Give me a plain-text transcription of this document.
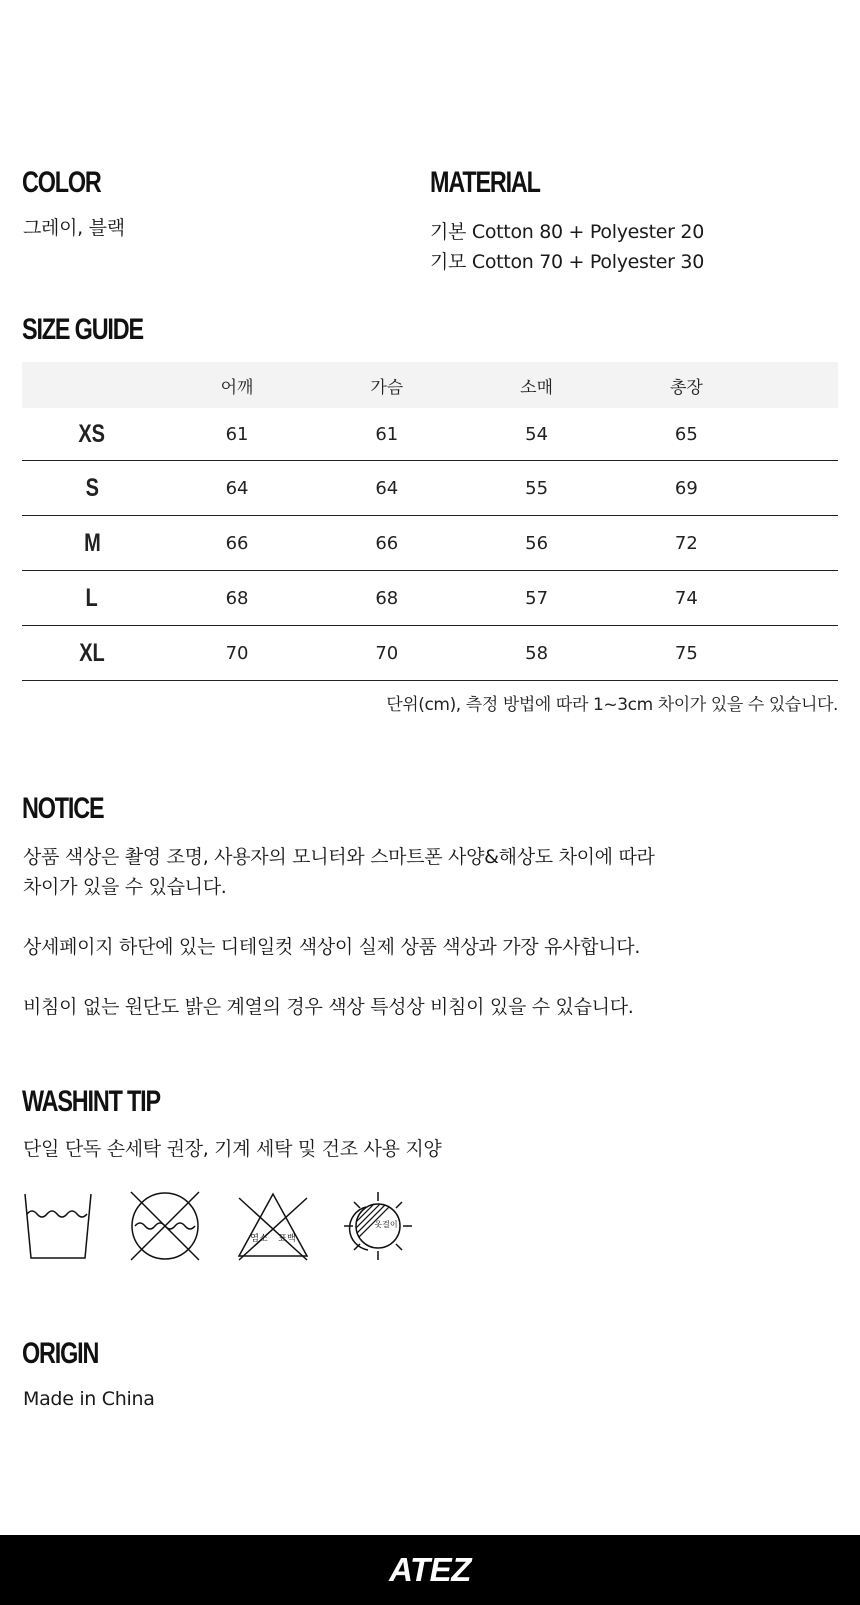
COLOR
그레이, 블랙
MATERIAL
기본 Cotton 80 + Polyester 20
기모 Cotton 70 + Polyester 30
SIZE GUIDE
	어깨	가슴	소매	총장	
XS	61	61	54	65	
S	64	64	55	69	
M	66	66	56	72	
L	68	68	57	74	
XL	70	70	58	75	
단위(cm), 측정 방법에 따라 1~3cm 차이가 있을 수 있습니다.
NOTICE
상품 색상은 촬영 조명, 사용자의 모니터와 스마트폰 사양&해상도 차이에 따라
차이가 있을 수 있습니다.
상세페이지 하단에 있는 디테일컷 색상이 실제 상품 색상과 가장 유사합니다.
비침이 없는 원단도 밝은 계열의 경우 색상 특성상 비침이 있을 수 있습니다.
WASHINT TIP
단일 단독 손세탁 권장, 기계 세탁 및 건조 사용 지양
염소 표백
옷걸이
ORIGIN
Made in China
ATEZ
